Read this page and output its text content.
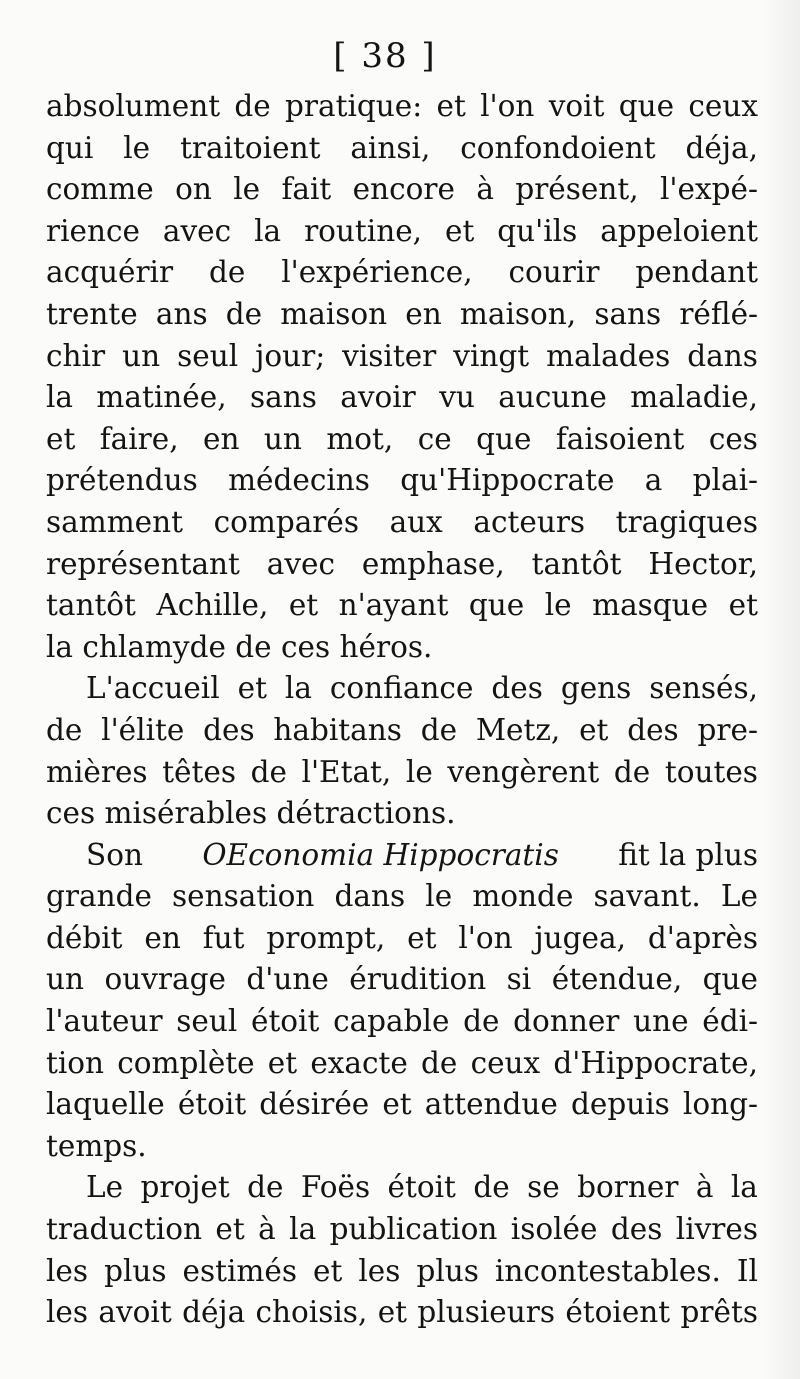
[ 38 ]
absolument de pratique: et l'on voit que ceux
qui le traitoient ainsi, confondoient déja,
comme on le fait encore à présent, l'expé-
rience avec la routine, et qu'ils appeloient
acquérir de l'expérience, courir pendant
trente ans de maison en maison, sans réflé-
chir un seul jour; visiter vingt malades dans
la matinée, sans avoir vu aucune maladie,
et faire, en un mot, ce que faisoient ces
prétendus médecins qu'Hippocrate a plai-
samment comparés aux acteurs tragiques
représentant avec emphase, tantôt Hector,
tantôt Achille, et n'ayant que le masque et
la chlamyde de ces héros.
L'accueil et la confiance des gens sensés,
de l'élite des habitans de Metz, et des pre-
mières têtes de l'Etat, le vengèrent de toutes
ces misérables détractions.
Son OEconomia Hippocratis fit la plus
grande sensation dans le monde savant. Le
débit en fut prompt, et l'on jugea, d'après
un ouvrage d'une érudition si étendue, que
l'auteur seul étoit capable de donner une édi-
tion complète et exacte de ceux d'Hippocrate,
laquelle étoit désirée et attendue depuis long-
temps.
Le projet de Foës étoit de se borner à la
traduction et à la publication isolée des livres
les plus estimés et les plus incontestables. Il
les avoit déja choisis, et plusieurs étoient prêts
